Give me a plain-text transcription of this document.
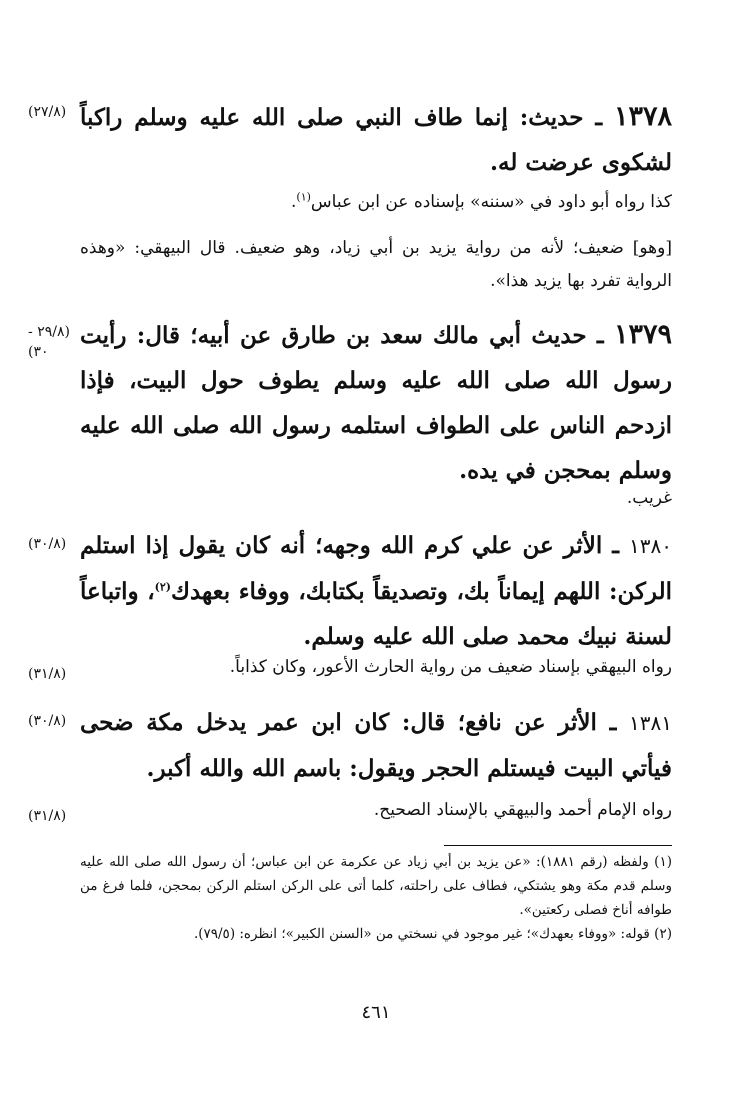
(٢٧/٨)	١٣٧٨ ـ حديث: إنما طاف النبي صلى الله عليه وسلم راكباً لشكوى عرضت له.
كذا رواه أبو داود في «سننه» بإسناده عن ابن عباس$^{(١)}$.
[وهو] ضعيف؛ لأنه من رواية يزيد بن أبي زياد، وهو ضعيف. قال البيهقي: «وهذه الرواية تفرد بها يزيد هذا».
(٢٩/٨ - ٣٠)
١٣٧٩ ـ حديث أبي مالك سعد بن طارق عن أبيه؛ قال: رأيت رسول الله صلى الله عليه وسلم يطوف حول البيت، فإذا ازدحم الناس على الطواف استلمه رسول الله صلى الله عليه وسلم بمحجن في يده.
غريب.
(٣٠/٨)	١٣٨٠ ـ الأثر عن علي كرم الله وجهه؛ أنه كان يقول إذا استلم الركن: اللهم إيماناً بك، وتصديقاً بكتابك، ووفاء بعهدك$^{(٢)}$، واتباعاً لسنة نبيك محمد صلى الله عليه وسلم.
(٣١/٨)	رواه البيهقي بإسناد ضعيف من رواية الحارث الأعور، وكان كذاباً.
(٣٠/٨)	١٣٨١ ـ الأثر عن نافع؛ قال: كان ابن عمر يدخل مكة ضحى فيأتي البيت فيستلم الحجر ويقول: باسم الله والله أكبر.
(٣١/٨)	رواه الإمام أحمد والبيهقي بالإسناد الصحيح.

(١) ولفظه (رقم ١٨٨١): «عن يزيد بن أبي زياد عن عكرمة عن ابن عباس؛ أن رسول الله صلى الله عليه وسلم قدم مكة وهو يشتكي، فطاف على راحلته، كلما أتى على الركن استلم الركن بمحجن، فلما فرغ من طوافه أناخ فصلى ركعتين».

(٢) قوله: «ووفاء بعهدك»؛ غير موجود في نسختي من «السنن الكبير»؛ انظره: (٧٩/٥).

٤٦١
